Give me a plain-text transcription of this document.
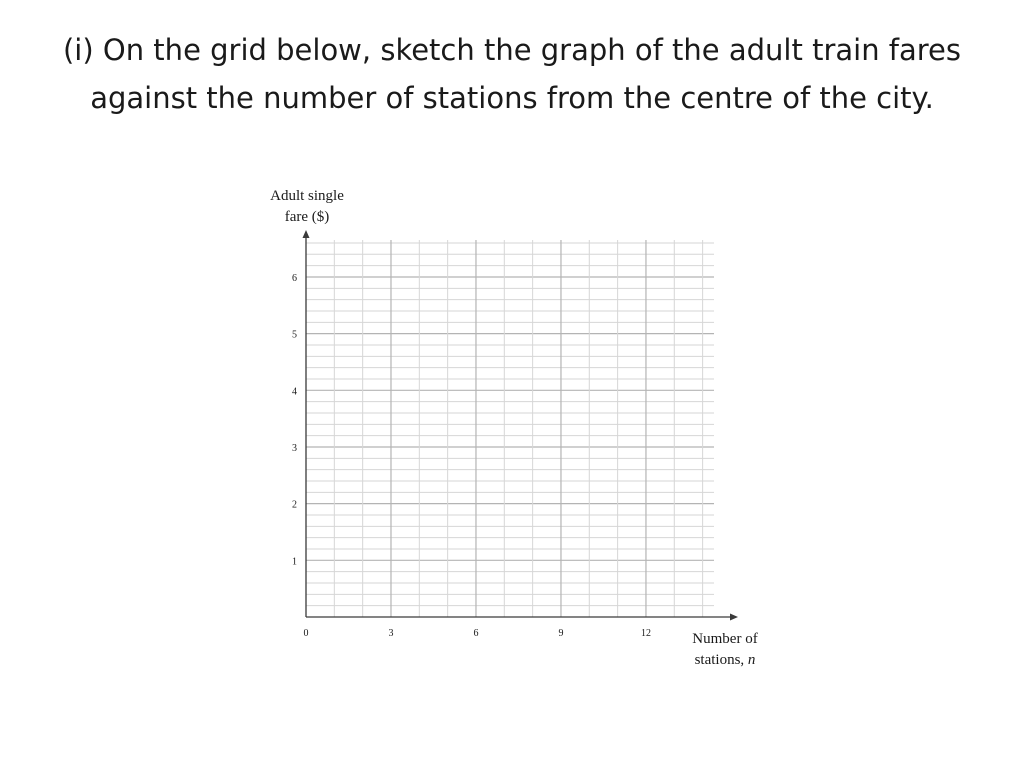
(i) On the grid below, sketch the graph of the adult train fares against the number of stations from the centre of the city.
1
2
3
4
5
6
0	3	6	9	12
Adult single
fare ($)
Number of
stations, n
